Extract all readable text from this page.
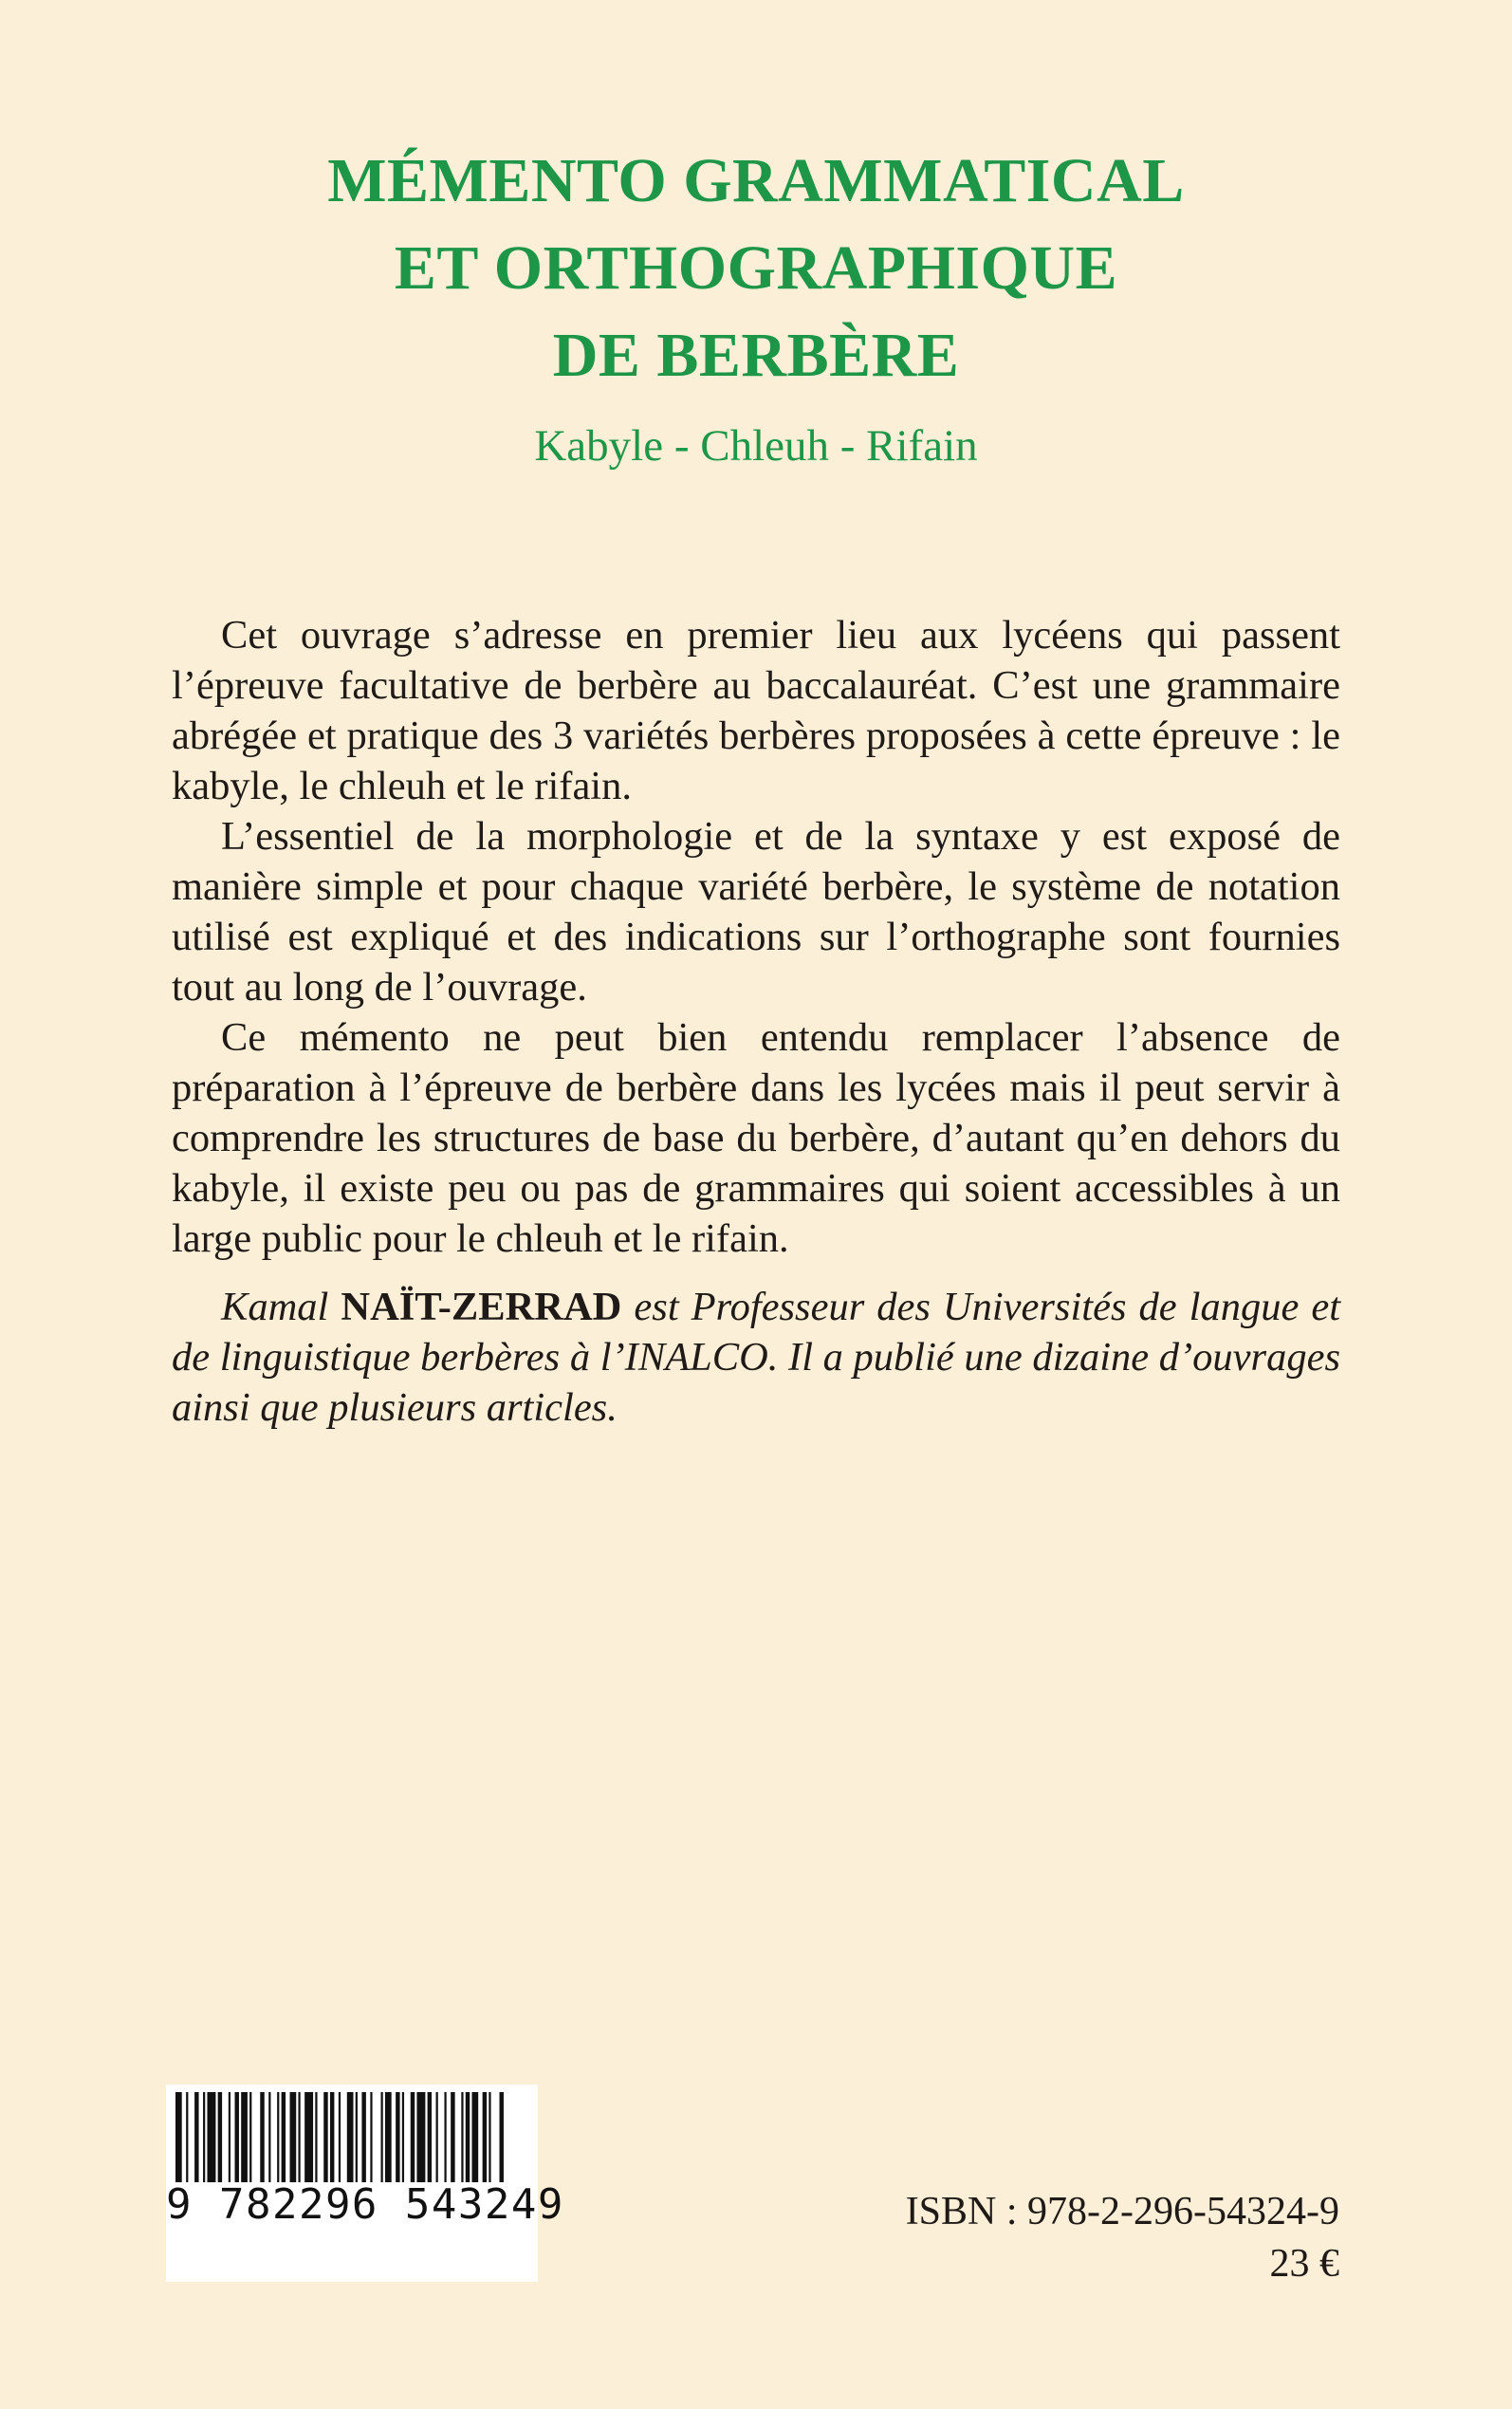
MÉMENTO GRAMMATICAL
ET ORTHOGRAPHIQUE
DE BERBÈRE
Kabyle - Chleuh - Rifain

Cet ouvrage s’adresse en premier lieu aux lycéens qui passent l’épreuve facultative de berbère au baccalauréat. C’est une grammaire abrégée et pratique des 3 variétés berbères proposées à cette épreuve : le kabyle, le chleuh et le rifain.

L’essentiel de la morphologie et de la syntaxe y est exposé de manière simple et pour chaque variété berbère, le système de notation utilisé est expliqué et des indications sur l’orthographe sont fournies tout au long de l’ouvrage.

Ce mémento ne peut bien entendu remplacer l’absence de préparation à l’épreuve de berbère dans les lycées mais il peut servir à comprendre les structures de base du berbère, d’autant qu’en dehors du kabyle, il existe peu ou pas de grammaires qui soient accessibles à un large public pour le chleuh et le rifain.

Kamal NAÏT-ZERRAD est Professeur des Universités de langue et de linguistique berbères à l’INALCO. Il a publié une dizaine d’ouvrages ainsi que plusieurs articles.

9 782296 543249	ISBN : 978-2-296-54324-9
23 €
